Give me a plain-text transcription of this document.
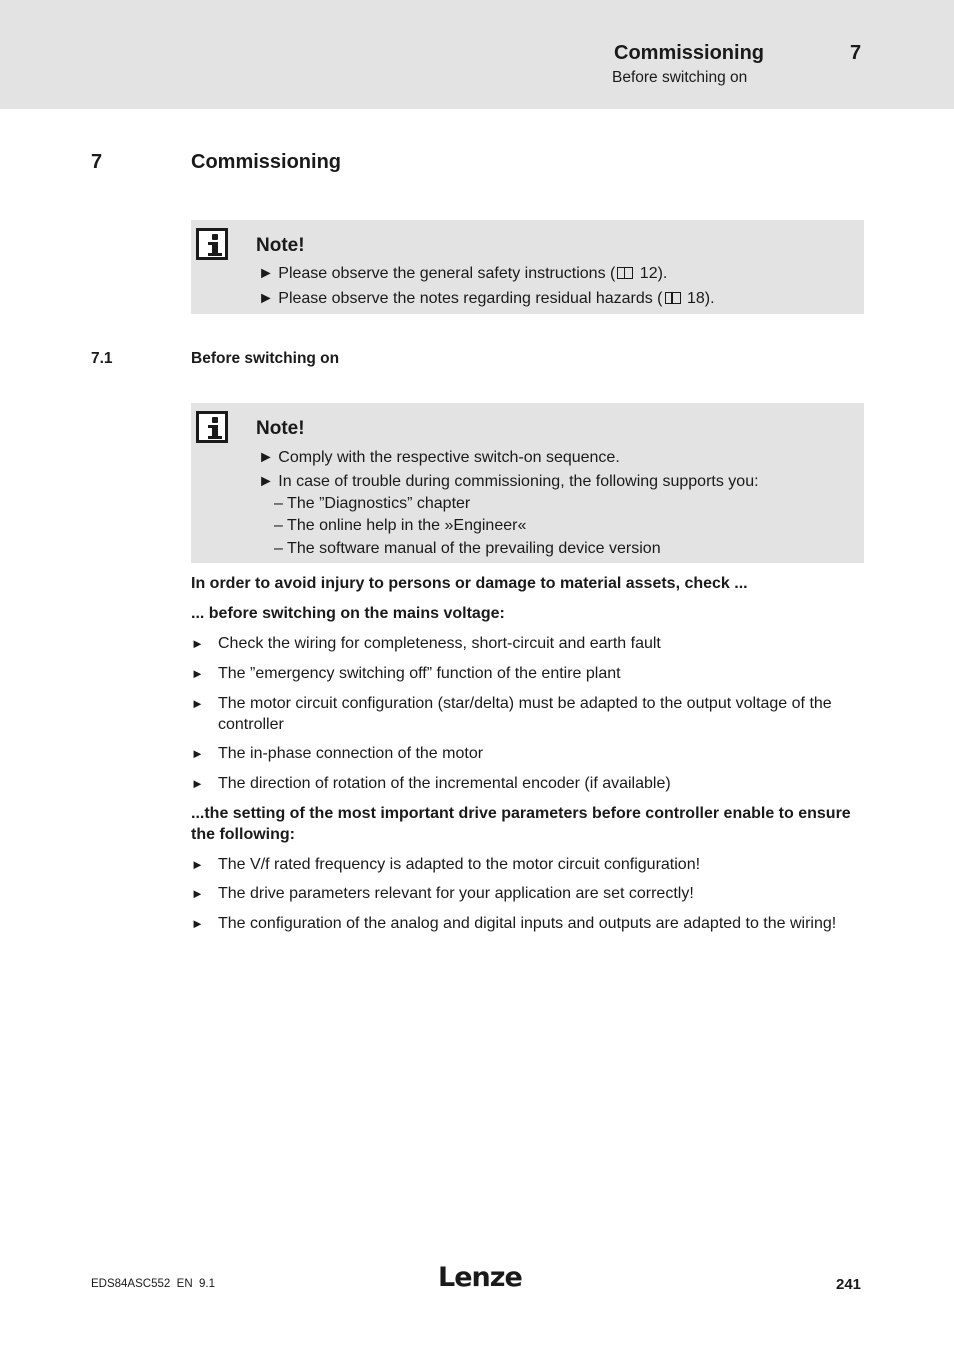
Commissioning
Before switching on
7
7	Commissioning
Note!
► Please observe the general safety instructions ( 12).
► Please observe the notes regarding residual hazards ( 18).
7.1	Before switching on
Note!
► Comply with the respective switch-on sequence.
► In case of trouble during commissioning, the following supports you:
– The ”Diagnostics” chapter
– The online help in the »Engineer«
– The software manual of the prevailing device version
In order to avoid injury to persons or damage to material assets, check ...
... before switching on the mains voltage:
► Check the wiring for completeness, short-circuit and earth fault
► The ”emergency switching off” function of the entire plant
► The motor circuit configuration (star/delta) must be adapted to the output voltage of the controller
► The in-phase connection of the motor
► The direction of rotation of the incremental encoder (if available)
...the setting of the most important drive parameters before controller enable to ensure the following:
► The V/f rated frequency is adapted to the motor circuit configuration!
► The drive parameters relevant for your application are set correctly!
► The configuration of the analog and digital inputs and outputs are adapted to the wiring!
EDS84ASC552  EN  9.1	Lenze	241
